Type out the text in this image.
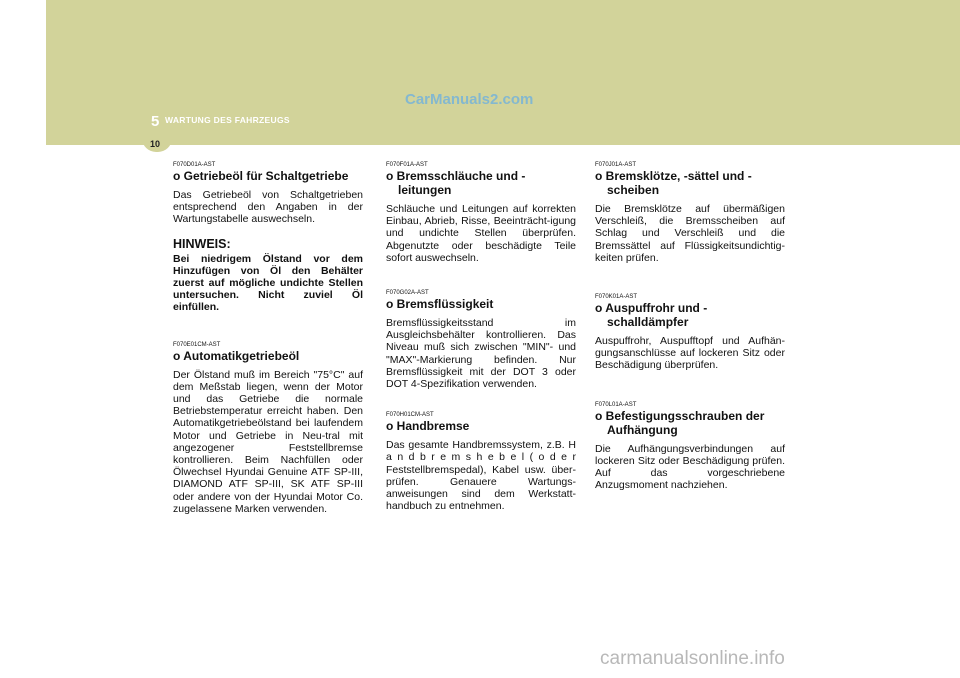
CarManuals2.com
5 WARTUNG DES FAHRZEUGS
10

F070D01A-AST

o Getriebeöl für Schaltgetriebe

Das Getriebeöl von Schaltgetrieben entsprechend den Angaben in der Wartungstabelle auswechseln.

HINWEIS:

Bei niedrigem Ölstand vor dem Hinzufügen von Öl den Behälter zuerst auf mögliche undichte Stellen untersuchen. Nicht zuviel Öl einfüllen.

F070E01CM-AST

o Automatikgetriebeöl

Der Ölstand muß im Bereich "75°C" auf dem Meßstab liegen, wenn der Motor und das Getriebe die normale Betriebstemperatur erreicht haben. Den Automatikgetriebeölstand bei laufendem Motor und Getriebe in Neu-tral mit angezogener Feststellbremse kontrollieren. Beim Nachfüllen oder Ölwechsel Hyundai Genuine ATF SP-III, DIAMOND ATF SP-III, SK ATF SP-III oder andere von der Hyundai Motor Co. zugelassene Marken verwenden.

F070F01A-AST

o Bremsschläuche und - leitungen

Schläuche und Leitungen auf korrekten Einbau, Abrieb, Risse, Beeinträcht-igung und undichte Stellen überprüfen. Abgenutzte oder beschädigte Teile sofort auswechseln.

F070G02A-AST

o Bremsflüssigkeit

Bremsflüssigkeitsstand im Ausgleichsbehälter kontrollieren. Das Niveau muß sich zwischen "MIN"- und "MAX"-Markierung befinden. Nur Bremsflüssigkeit mit der DOT 3 oder DOT 4-Spezifikation verwenden.

F070H01CM-AST

o Handbremse

Das gesamte Handbremssystem, z.B. H a n d b r e m s h e b e l ( o d e r Feststellbremspedal), Kabel usw. über-prüfen. Genauere Wartungs-anweisungen sind dem Werkstatt-handbuch zu entnehmen.

F070J01A-AST

o Bremsklötze, -sättel und - scheiben

Die Bremsklötze auf übermäßigen Verschleiß, die Bremsscheiben auf Schlag und Verschleiß und die Bremssättel auf Flüssigkeitsundichtig-keiten prüfen.

F070K01A-AST

o Auspuffrohr und - schalldämpfer

Auspuffrohr, Auspufftopf und Aufhän-gungsanschlüsse auf lockeren Sitz oder Beschädigung überprüfen.

F070L01A-AST

o Befestigungsschrauben der Aufhängung

Die Aufhängungsverbindungen auf lockeren Sitz oder Beschädigung prüfen. Auf das vorgeschriebene Anzugsmoment nachziehen.

carmanualsonline.info
